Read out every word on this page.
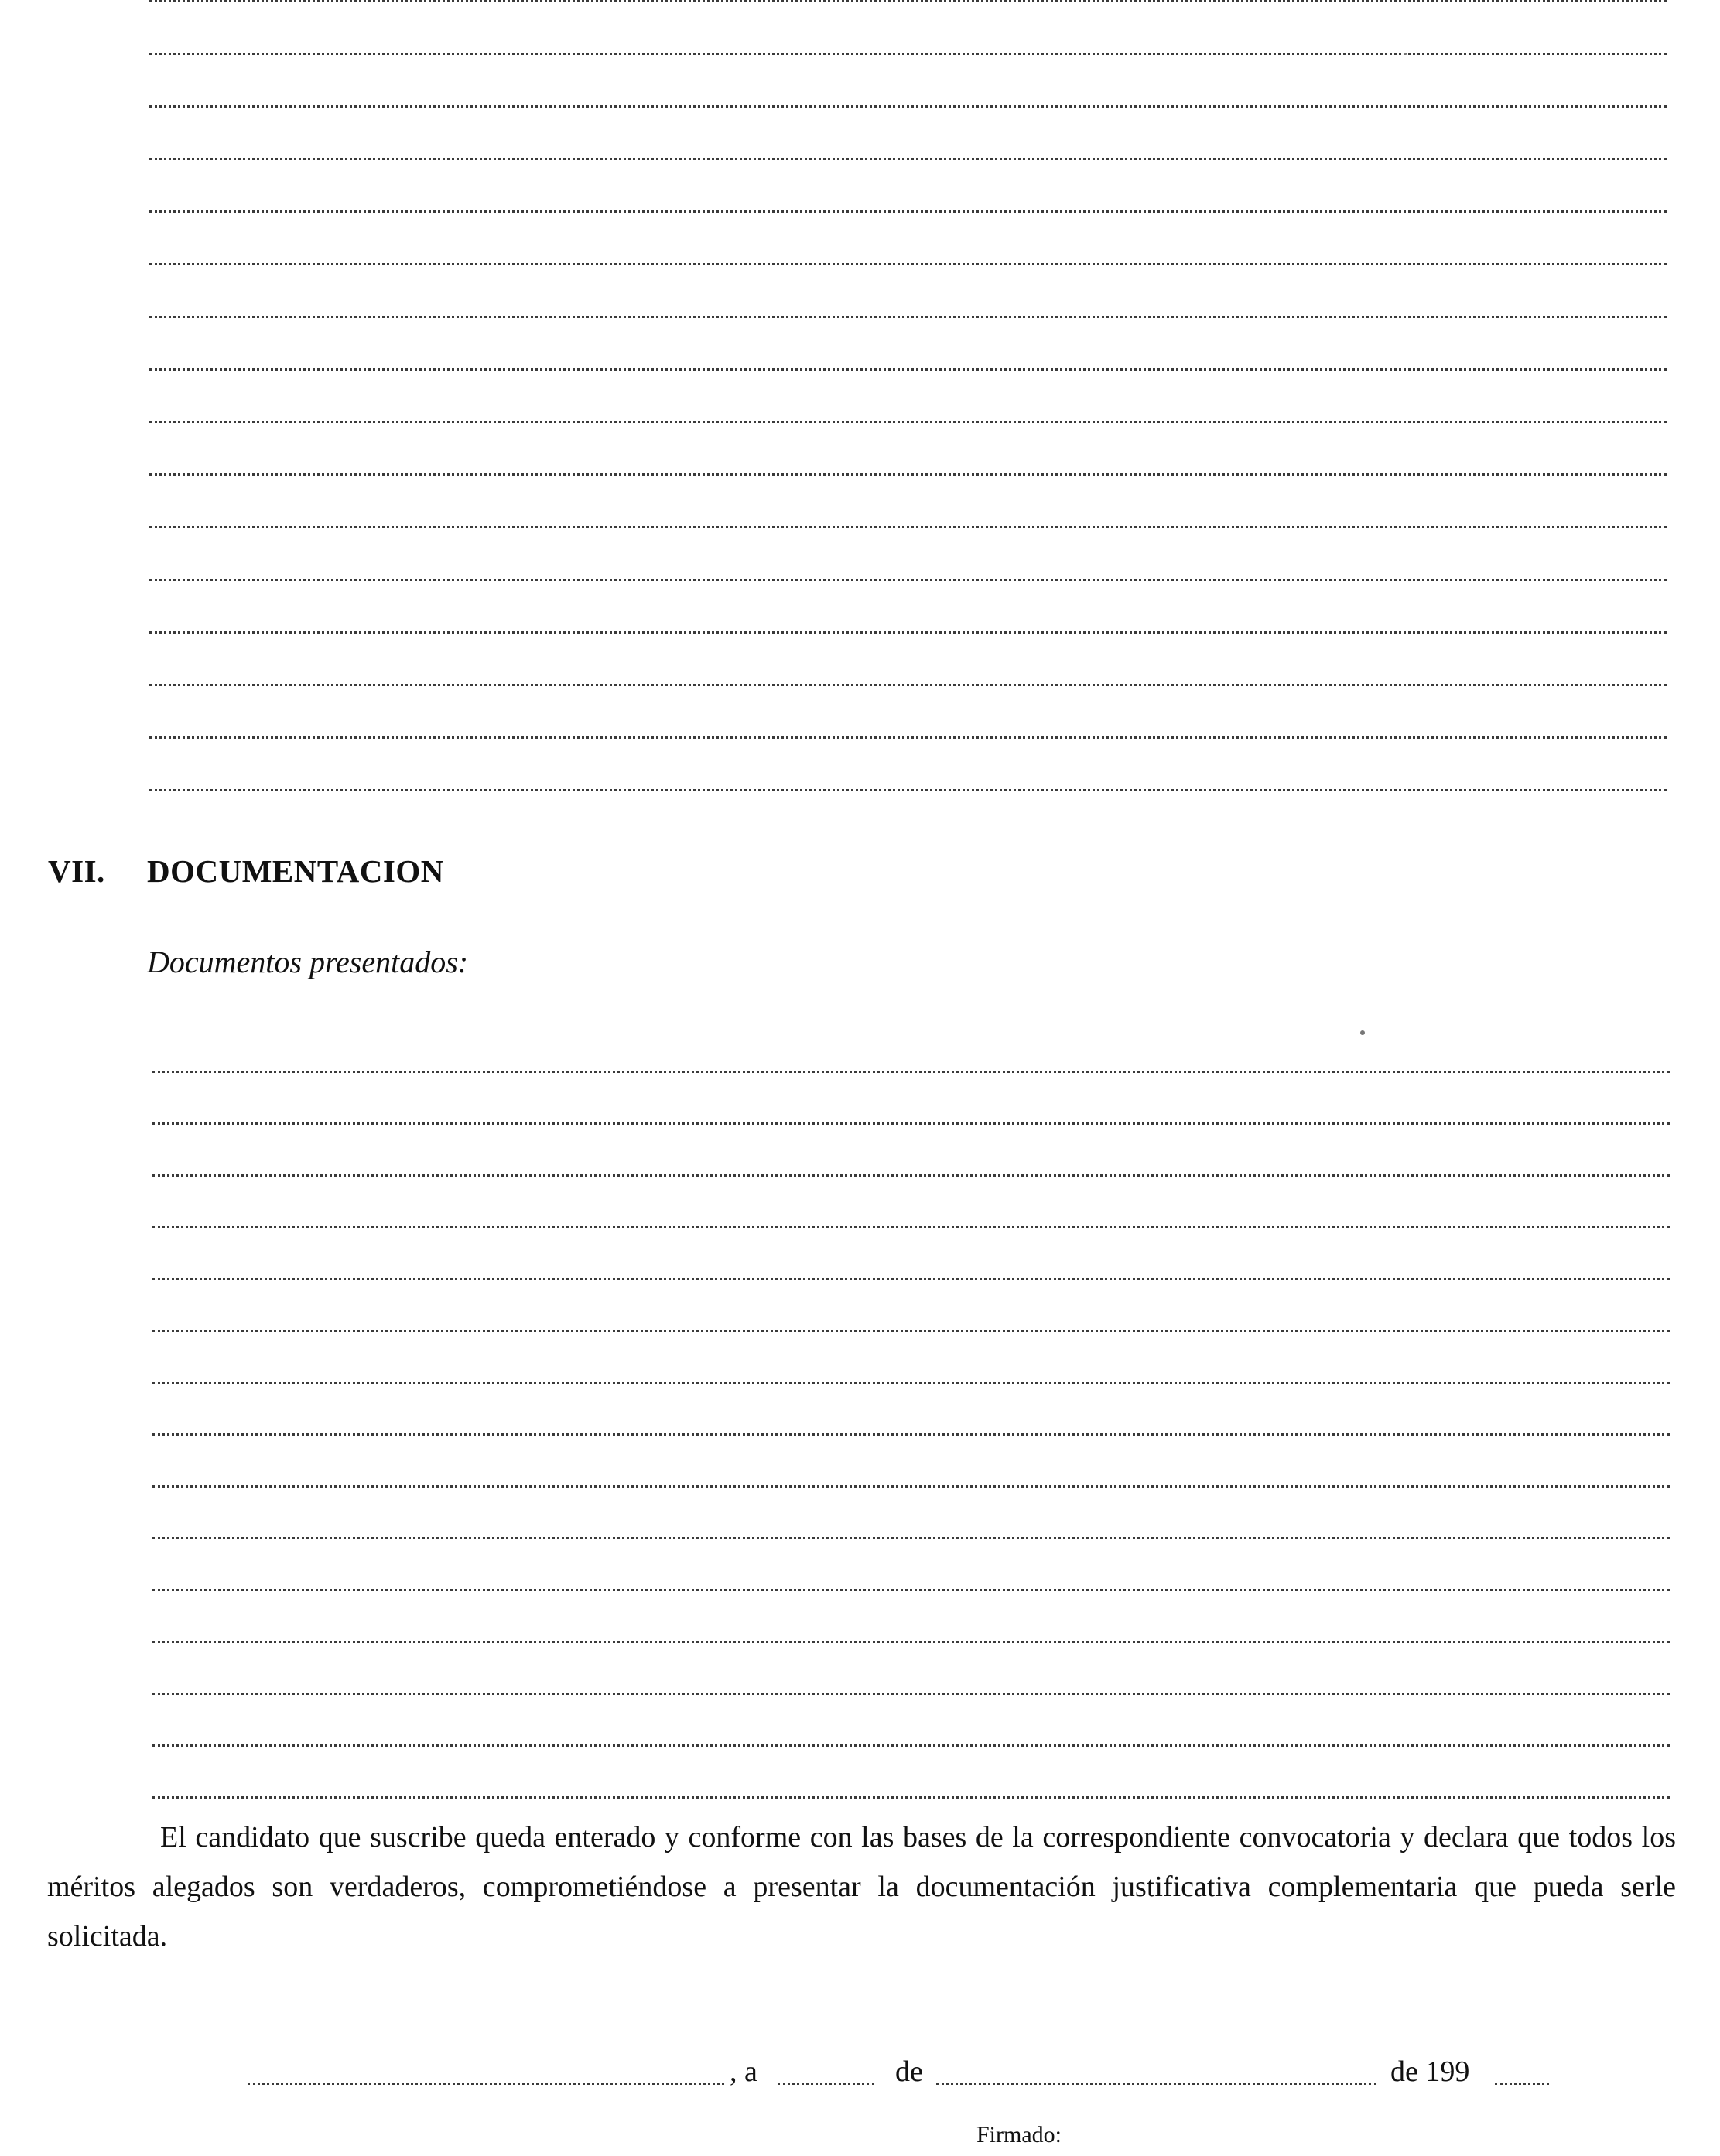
VII. DOCUMENTACION
Documentos presentados:
El candidato que suscribe queda enterado y conforme con las bases de la correspondiente convocatoria y declara que todos los méritos alegados son verdaderos, comprometiéndose a presentar la documentación justificativa complementaria que pueda serle solicitada.
, a	de	de 199
Firmado:
